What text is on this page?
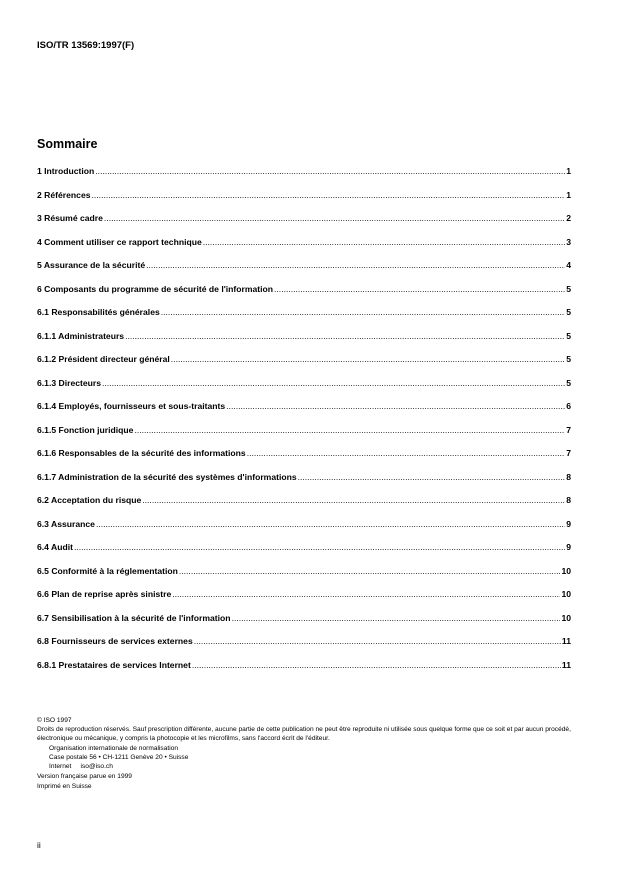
ISO/TR 13569:1997(F)
Sommaire
1 Introduction .....	1
2 Références .....	1
3 Résumé cadre .....	2
4 Comment utiliser ce rapport technique .....	3
5 Assurance de la sécurité .....	4
6 Composants du programme de sécurité de l'information .....	5
6.1 Responsabilités générales .....	5
6.1.1 Administrateurs .....	5
6.1.2 Président directeur général .....	5
6.1.3 Directeurs .....	5
6.1.4 Employés, fournisseurs et sous-traitants .....	6
6.1.5 Fonction juridique .....	7
6.1.6 Responsables de la sécurité des informations .....	7
6.1.7 Administration de la sécurité des systèmes d'informations .....	8
6.2 Acceptation du risque .....	8
6.3 Assurance .....	9
6.4 Audit .....	9
6.5 Conformité à la réglementation .....	10
6.6 Plan de reprise après sinistre .....	10
6.7 Sensibilisation à la sécurité de l'information .....	10
6.8 Fournisseurs de services externes .....	11
6.8.1 Prestataires de services Internet .....	11
© ISO 1997
Droits de reproduction réservés. Sauf prescription différente, aucune partie de cette publication ne peut être reproduite ni utilisée sous quelque forme que ce soit et par aucun procédé, électronique ou mécanique, y compris la photocopie et les microfilms, sans l'accord écrit de l'éditeur.
Organisation internationale de normalisation
Case postale 56 • CH-1211 Genève 20 • Suisse
Internet     iso@iso.ch
Version française parue en 1999
Imprimé en Suisse
ii
